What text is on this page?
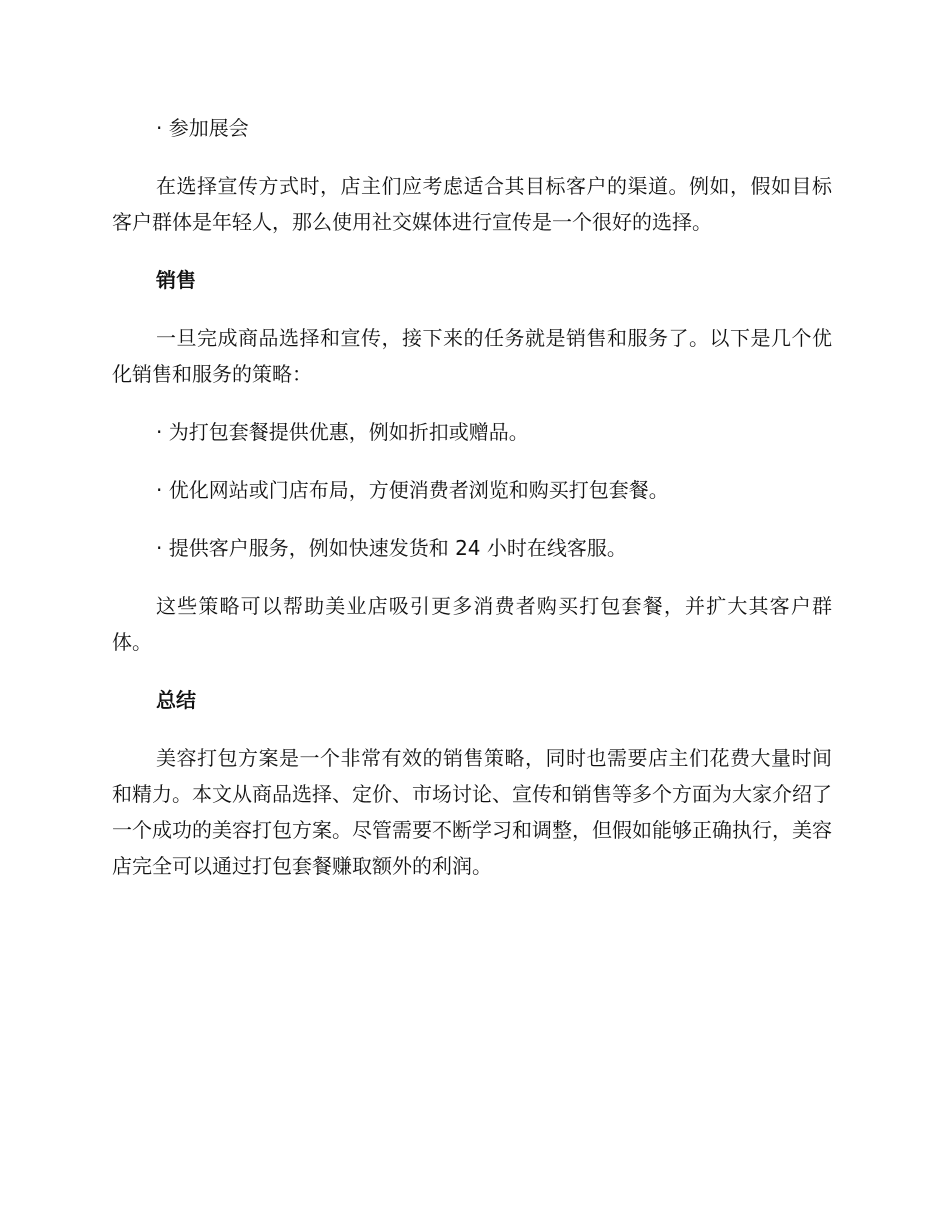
· 参加展会

在选择宣传方式时，店主们应考虑适合其目标客户的渠道。例如，假如目标客户群体是年轻人，那么使用社交媒体进行宣传是一个很好的选择。

销售

一旦完成商品选择和宣传，接下来的任务就是销售和服务了。以下是几个优化销售和服务的策略：

· 为打包套餐提供优惠，例如折扣或赠品。

· 优化网站或门店布局，方便消费者浏览和购买打包套餐。

· 提供客户服务，例如快速发货和 24 小时在线客服。

这些策略可以帮助美业店吸引更多消费者购买打包套餐，并扩大其客户群体。

总结

美容打包方案是一个非常有效的销售策略，同时也需要店主们花费大量时间和精力。本文从商品选择、定价、市场讨论、宣传和销售等多个方面为大家介绍了一个成功的美容打包方案。尽管需要不断学习和调整，但假如能够正确执行，美容店完全可以通过打包套餐赚取额外的利润。
